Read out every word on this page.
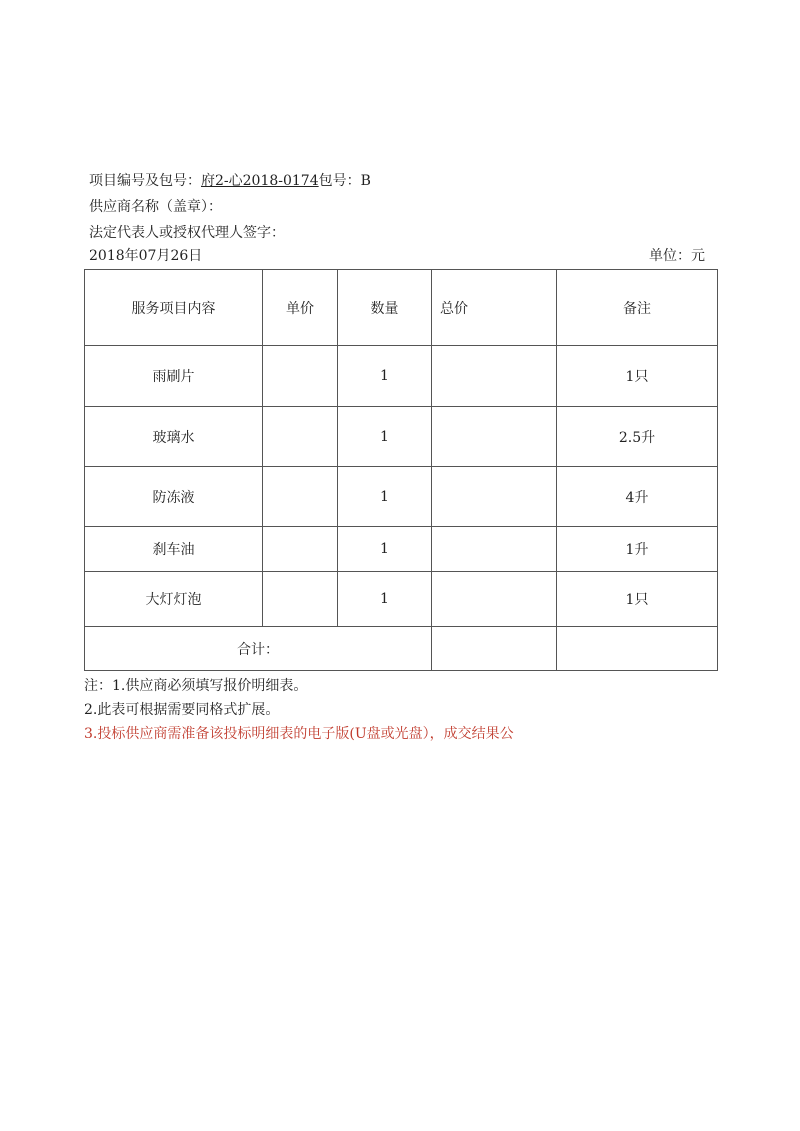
项目编号及包号：府2-心2018-0174包号：B
供应商名称（盖章）：
法定代表人或授权代理人签字：
2018年07月26日	单位：元
服务项目内容	单价	数量	总价	备注
雨刷片		1		1只
玻璃水		1		2.5升
防冻液		1		4升
刹车油		1		1升
大灯灯泡		1		1只
合计：				
注：1.供应商必须填写报价明细表。
2.此表可根据需要同格式扩展。
3.投标供应商需准备该投标明细表的电子版(U盘或光盘），成交结果公
